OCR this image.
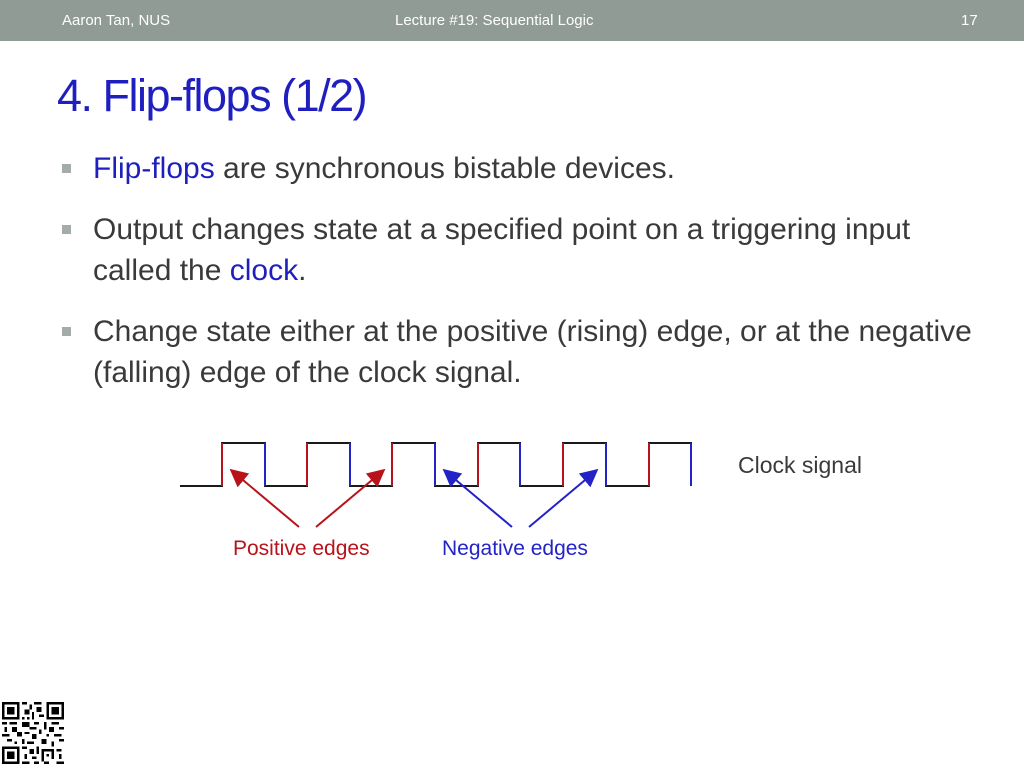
Aaron Tan, NUS	Lecture #19: Sequential Logic	17
4. Flip-flops (1/2)
Flip-flops are synchronous bistable devices.
Output changes state at a specified point on a triggering input called the clock.
Change state either at the positive (rising) edge, or at the negative (falling) edge of the clock signal.
Clock signal
Positive edges	Negative edges
